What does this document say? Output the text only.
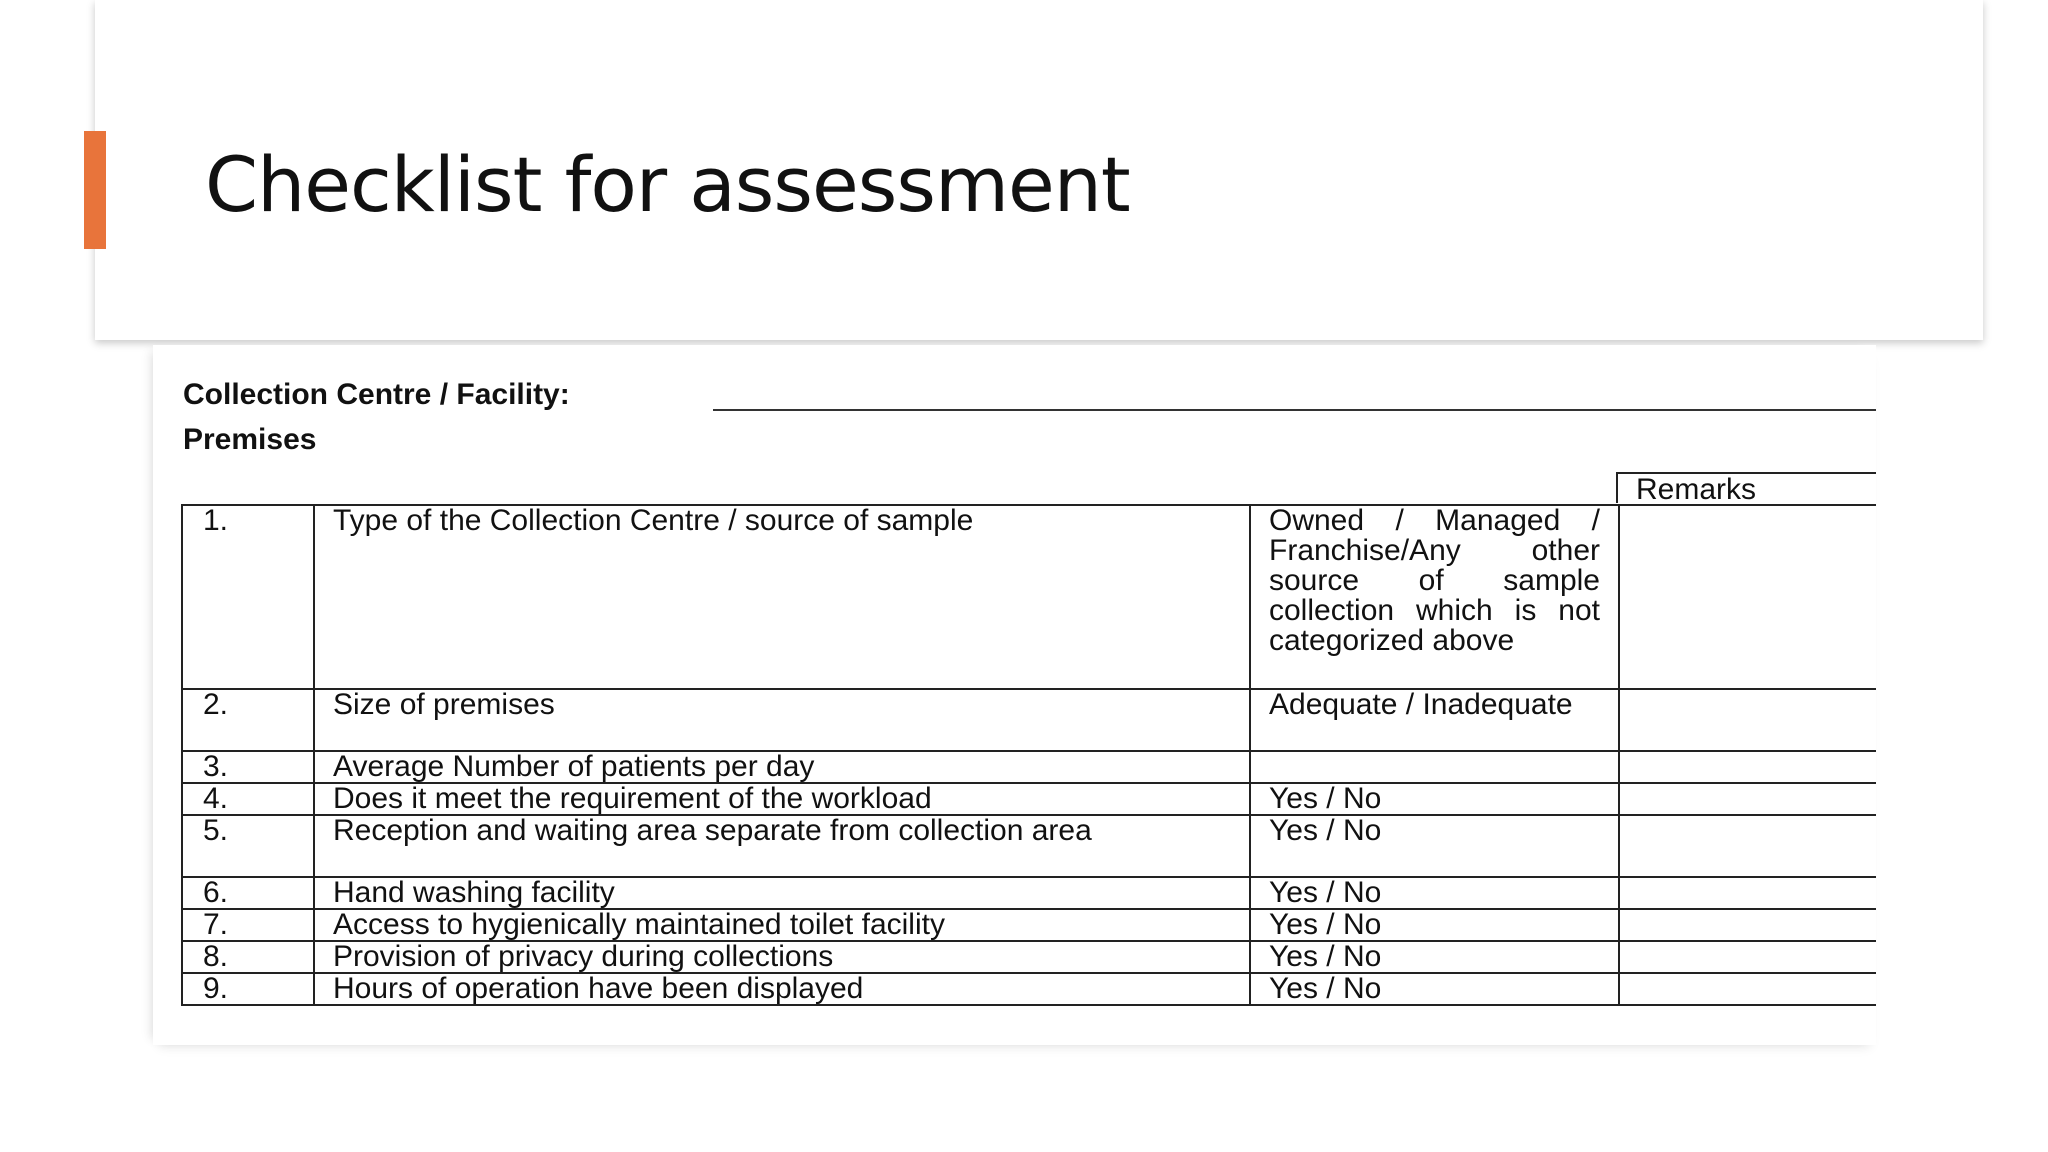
Checklist for assessment
Collection Centre / Facility:
Premises
Remarks
1.	Type of the Collection Centre / source of sample	Owned / Managed / Franchise/Any other source of sample collection which is not categorized above	
2.	Size of premises	Adequate / Inadequate	
3.	Average Number of patients per day		
4.	Does it meet the requirement of the workload	Yes / No	
5.	Reception and waiting area separate from collection area	Yes / No	
6.	Hand washing facility	Yes / No	
7.	Access to hygienically maintained toilet facility	Yes / No	
8.	Provision of privacy during collections	Yes / No	
9.	Hours of operation have been displayed	Yes / No	
